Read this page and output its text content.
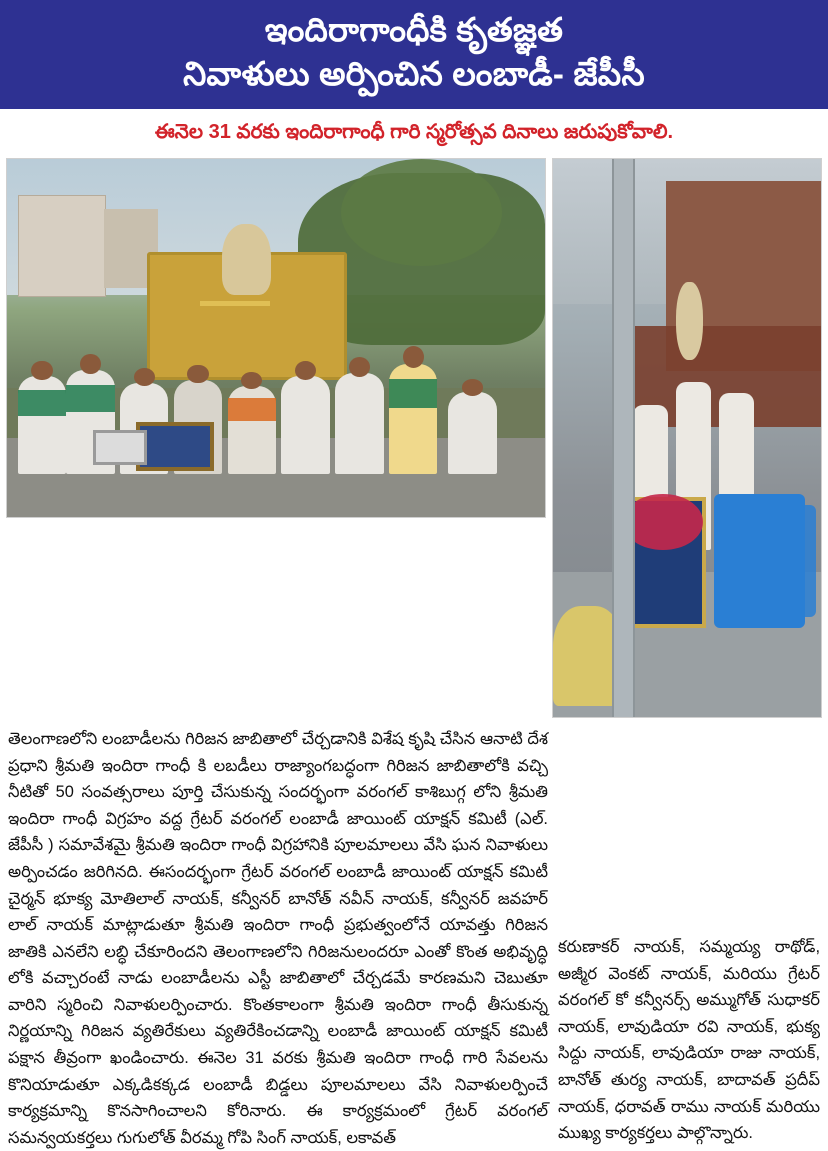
ఇందిరాగాంధీకి కృతజ్ఞత
నివాళులు అర్పించిన లంబాడీ- జేపీసీ
ఈనెల 31 వరకు ఇందిరాగాంధీ గారి స్మరోత్సవ దినాలు జరుపుకోవాలి.

తెలంగాణలోని లంబాడీలను గిరిజన జాబితాలో చేర్చడానికి విశేష కృషి చేసిన ఆనాటి దేశ ప్రధాని శ్రీమతి ఇందిరా గాంధీ కి లబడీలు రాజ్యాంగబద్ధంగా గిరిజన జాబితాలోకి వచ్చి నీటితో 50 సంవత్సరాలు పూర్తి చేసుకున్న సందర్భంగా వరంగల్ కాశిబుగ్గ లోని శ్రీమతి ఇందిరా గాంధీ విగ్రహం వద్ద గ్రేటర్ వరంగల్ లంబాడీ జాయింట్ యాక్షన్ కమిటీ (ఎల్. జేపీసీ ) సమావేశమై శ్రీమతి ఇందిరా గాంధీ విగ్రహానికి పూలమాలలు వేసి ఘన నివాళులు అర్పించడం జరిగినది. ఈసందర్భంగా గ్రేటర్ వరంగల్ లంబాడీ జాయింట్ యాక్షన్ కమిటీ చైర్మన్ భూక్య మోతిలాల్ నాయక్, కన్వీనర్ బానోత్ నవీన్ నాయక్, కన్వీనర్ జవహర్ లాల్ నాయక్ మాట్లాడుతూ శ్రీమతి ఇందిరా గాంధీ ప్రభుత్వంలోనే యావత్తు గిరిజన జాతికి ఎనలేని లబ్ధి చేకూరిందని తెలంగాణలోని గిరిజనులందరూ ఎంతో కొంత అభివృద్ధి లోకి వచ్చారంటే నాడు లంబాడీలను ఎస్టీ జాబితాలో చేర్చడమే కారణమని చెబుతూ వారిని స్మరించి నివాళులర్పించారు. కొంతకాలంగా శ్రీమతి ఇందిరా గాంధీ తీసుకున్న నిర్ణయాన్ని గిరిజన వ్యతిరేకులు వ్యతిరేకించడాన్ని లంబాడీ జాయింట్ యాక్షన్ కమిటీ పక్షాన తీవ్రంగా ఖండించారు. ఈనెల 31 వరకు శ్రీమతి ఇందిరా గాంధీ గారి సేవలను కొనియాడుతూ ఎక్కడికక్కడ లంబాడీ బిడ్డలు పూలమాలలు వేసి నివాళులర్పించే కార్యక్రమాన్ని కొనసాగించాలని కోరినారు. ఈ కార్యక్రమంలో గ్రేటర్ వరంగల్ సమన్వయకర్తలు గుగులోత్ వీరమ్మ గోపి సింగ్ నాయక్, లకావత్

కరుణాకర్ నాయక్, సమ్మయ్య రాథోడ్, అజ్మీర వెంకట్ నాయక్, మరియు గ్రేటర్ వరంగల్ కో కన్వీనర్స్ అమ్ముగోత్ సుధాకర్ నాయక్, లావుడియా రవి నాయక్, భుక్య సిద్దు నాయక్, లావుడియా రాజు నాయక్, బానోత్ తుర్య నాయక్, బాదావత్ ప్రదీప్ నాయక్, ధరావత్ రాము నాయక్ మరియు ముఖ్య కార్యకర్తలు పాల్గొన్నారు.
